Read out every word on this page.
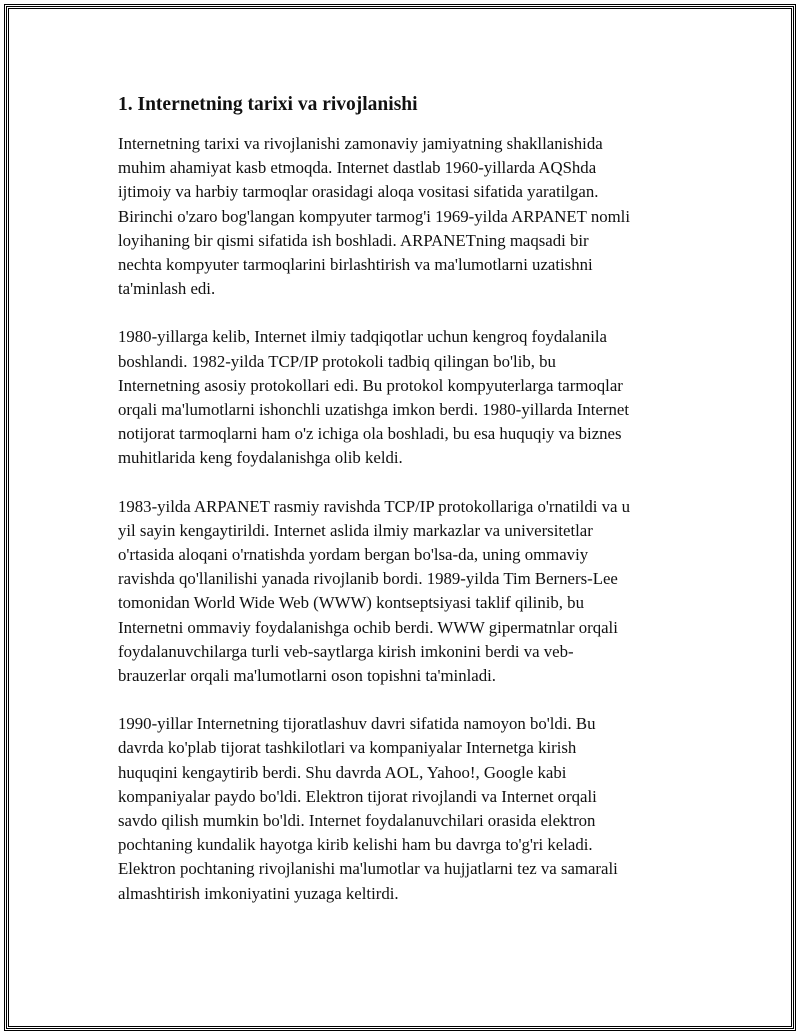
1. Internetning tarixi va rivojlanishi

Internetning tarixi va rivojlanishi zamonaviy jamiyatning shakllanishida
muhim ahamiyat kasb etmoqda. Internet dastlab 1960-yillarda AQShda
ijtimoiy va harbiy tarmoqlar orasidagi aloqa vositasi sifatida yaratilgan.
Birinchi o'zaro bog'langan kompyuter tarmog'i 1969-yilda ARPANET nomli
loyihaning bir qismi sifatida ish boshladi. ARPANETning maqsadi bir
nechta kompyuter tarmoqlarini birlashtirish va ma'lumotlarni uzatishni
ta'minlash edi.

1980-yillarga kelib, Internet ilmiy tadqiqotlar uchun kengroq foydalanila
boshlandi. 1982-yilda TCP/IP protokoli tadbiq qilingan bo'lib, bu
Internetning asosiy protokollari edi. Bu protokol kompyuterlarga tarmoqlar
orqali ma'lumotlarni ishonchli uzatishga imkon berdi. 1980-yillarda Internet
notijorat tarmoqlarni ham o'z ichiga ola boshladi, bu esa huquqiy va biznes
muhitlarida keng foydalanishga olib keldi.

1983-yilda ARPANET rasmiy ravishda TCP/IP protokollariga o'rnatildi va u
yil sayin kengaytirildi. Internet aslida ilmiy markazlar va universitetlar
o'rtasida aloqani o'rnatishda yordam bergan bo'lsa-da, uning ommaviy
ravishda qo'llanilishi yanada rivojlanib bordi. 1989-yilda Tim Berners-Lee
tomonidan World Wide Web (WWW) kontseptsiyasi taklif qilinib, bu
Internetni ommaviy foydalanishga ochib berdi. WWW gipermatnlar orqali
foydalanuvchilarga turli veb-saytlarga kirish imkonini berdi va veb-
brauzerlar orqali ma'lumotlarni oson topishni ta'minladi.

1990-yillar Internetning tijoratlashuv davri sifatida namoyon bo'ldi. Bu
davrda ko'plab tijorat tashkilotlari va kompaniyalar Internetga kirish
huquqini kengaytirib berdi. Shu davrda AOL, Yahoo!, Google kabi
kompaniyalar paydo bo'ldi. Elektron tijorat rivojlandi va Internet orqali
savdo qilish mumkin bo'ldi. Internet foydalanuvchilari orasida elektron
pochtaning kundalik hayotga kirib kelishi ham bu davrga to'g'ri keladi.
Elektron pochtaning rivojlanishi ma'lumotlar va hujjatlarni tez va samarali
almashtirish imkoniyatini yuzaga keltirdi.
